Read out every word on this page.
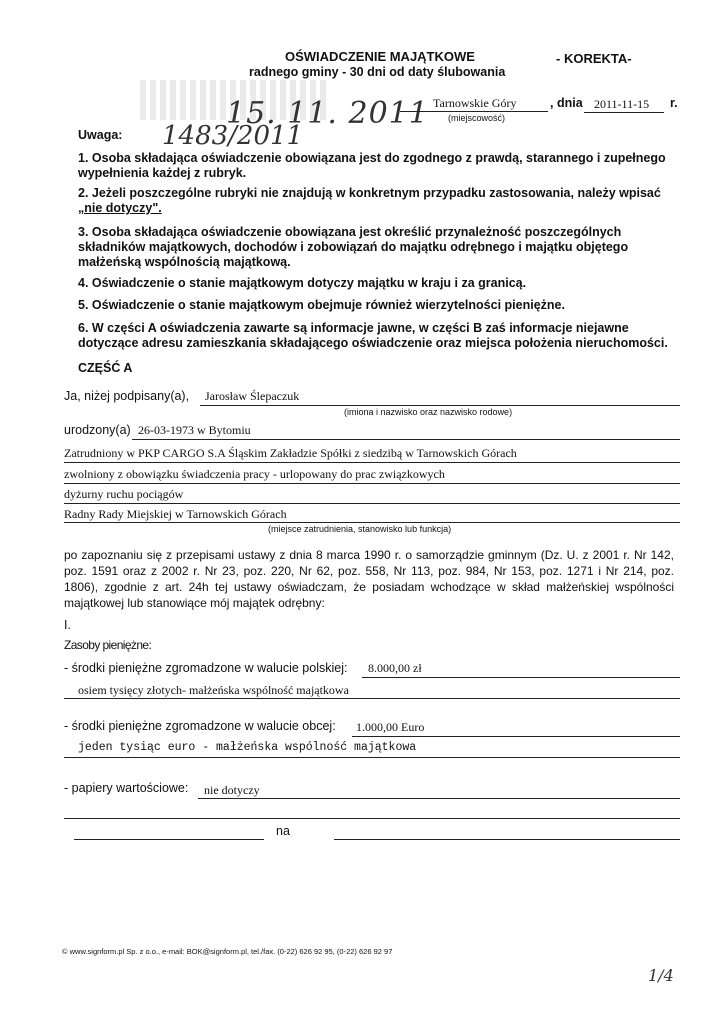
OŚWIADCZENIE MAJĄTKOWE
radnego gminy - 30 dni od daty ślubowania
- KOREKTA-
15. 11. 2011
1483/2011
Tarnowskie Góry	, dnia 2011-11-15 r.
(miejscowość)
Uwaga:
1. Osoba składająca oświadczenie obowiązana jest do zgodnego z prawdą, starannego i zupełnego wypełnienia każdej z rubryk.
2. Jeżeli poszczególne rubryki nie znajdują w konkretnym przypadku zastosowania, należy wpisać „nie dotyczy".
3. Osoba składająca oświadczenie obowiązana jest określić przynależność poszczególnych składników majątkowych, dochodów i zobowiązań do majątku odrębnego i majątku objętego małżeńską wspólnością majątkową.
4. Oświadczenie o stanie majątkowym dotyczy majątku w kraju i za granicą.
5. Oświadczenie o stanie majątkowym obejmuje również wierzytelności pieniężne.
6. W części A oświadczenia zawarte są informacje jawne, w części B zaś informacje niejawne dotyczące adresu zamieszkania składającego oświadczenie oraz miejsca położenia nieruchomości.
CZĘŚĆ A
Ja, niżej podpisany(a), Jarosław Ślepaczuk
(imiona i nazwisko oraz nazwisko rodowe)
urodzony(a) 26-03-1973 w Bytomiu
Zatrudniony w PKP CARGO S.A Śląskim Zakładzie Spółki z siedzibą w Tarnowskich Górach
zwolniony z obowiązku świadczenia pracy - urlopowany do prac związkowych
dyżurny ruchu pociągów
Radny Rady Miejskiej w Tarnowskich Górach
(miejsce zatrudnienia, stanowisko lub funkcja)
po zapoznaniu się z przepisami ustawy z dnia 8 marca 1990 r. o samorządzie gminnym (Dz. U. z 2001 r. Nr 142, poz. 1591 oraz z 2002 r. Nr 23, poz. 220, Nr 62, poz. 558, Nr 113, poz. 984, Nr 153, poz. 1271 i Nr 214, poz. 1806), zgodnie z art. 24h tej ustawy oświadczam, że posiadam wchodzące w skład małżeńskiej wspólności majątkowej lub stanowiące mój majątek odrębny:
I.
Zasoby pieniężne:
- środki pieniężne zgromadzone w walucie polskiej: 8.000,00 zł
osiem tysięcy złotych- małżeńska wspólność majątkowa
- środki pieniężne zgromadzone w walucie obcej: 1.000,00 Euro
jeden tysiąc euro - małżeńska wspólność majątkowa
- papiery wartościowe: nie dotyczy
na
© www.signform.pl Sp. z o.o., e-mail: BOK@signform.pl, tel./fax. (0-22) 626 92 95, (0-22) 626 92 97
1/4
